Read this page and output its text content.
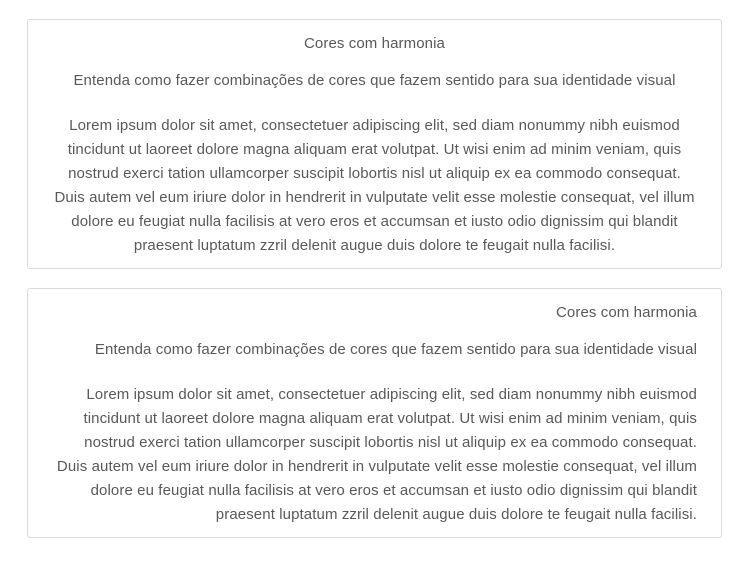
Cores com harmonia

Entenda como fazer combinações de cores que fazem sentido para sua identidade visual

Lorem ipsum dolor sit amet, consectetuer adipiscing elit, sed diam nonummy nibh euismod tincidunt ut laoreet dolore magna aliquam erat volutpat. Ut wisi enim ad minim veniam, quis nostrud exerci tation ullamcorper suscipit lobortis nisl ut aliquip ex ea commodo consequat. Duis autem vel eum iriure dolor in hendrerit in vulputate velit esse molestie consequat, vel illum dolore eu feugiat nulla facilisis at vero eros et accumsan et iusto odio dignissim qui blandit praesent luptatum zzril delenit augue duis dolore te feugait nulla facilisi.

Cores com harmonia

Entenda como fazer combinações de cores que fazem sentido para sua identidade visual

Lorem ipsum dolor sit amet, consectetuer adipiscing elit, sed diam nonummy nibh euismod tincidunt ut laoreet dolore magna aliquam erat volutpat. Ut wisi enim ad minim veniam, quis nostrud exerci tation ullamcorper suscipit lobortis nisl ut aliquip ex ea commodo consequat. Duis autem vel eum iriure dolor in hendrerit in vulputate velit esse molestie consequat, vel illum dolore eu feugiat nulla facilisis at vero eros et accumsan et iusto odio dignissim qui blandit praesent luptatum zzril delenit augue duis dolore te feugait nulla facilisi.
